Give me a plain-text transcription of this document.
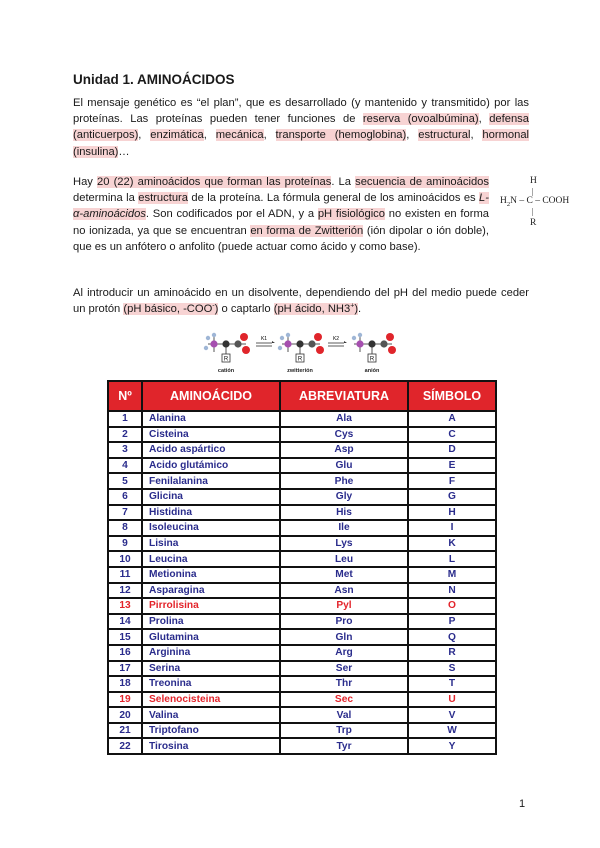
Unidad 1. AMINOÁCIDOS

El mensaje genético es “el plan”, que es desarrollado (y mantenido y transmitido) por las proteínas. Las proteínas pueden tener funciones de reserva (ovoalbúmina), defensa (anticuerpos), enzimática, mecánica, transporte (hemoglobina), estructural, hormonal (insulina)…

Hay 20 (22) aminoácidos que forman las proteínas. La secuencia de aminoácidos determina la estructura de la proteína. La fórmula general de los aminoácidos es L-α-aminoácidos. Son codificados por el ADN, y a pH fisiológico no existen en forma no ionizada, ya que se encuentran en forma de Zwitterión (ión dipolar o ión doble), que es un anfótero o anfolito (puede actuar como ácido y como base).

H
|
$H_2N$ – C – COOH
|
R

Al introducir un aminoácido en un disolvente, dependiendo del pH del medio puede ceder un protón (pH básico, -COO-) o captarlo (pH ácido, NH3+).

R
K1
R
K2
R
catión	zwitterión	anión
Nº	AMINOÁCIDO	ABREVIATURA	SÍMBOLO
1	Alanina	Ala	A
2	Cisteina	Cys	C
3	Acido aspártico	Asp	D
4	Acido glutámico	Glu	E
5	Fenilalanina	Phe	F
6	Glicina	Gly	G
7	Histidina	His	H
8	Isoleucina	Ile	I
9	Lisina	Lys	K
10	Leucina	Leu	L
11	Metionina	Met	M
12	Asparagina	Asn	N
13	Pirrolisina	Pyl	O
14	Prolina	Pro	P
15	Glutamina	Gln	Q
16	Arginina	Arg	R
17	Serina	Ser	S
18	Treonina	Thr	T
19	Selenocisteina	Sec	U
20	Valina	Val	V
21	Triptofano	Trp	W
22	Tirosina	Tyr	Y
1
